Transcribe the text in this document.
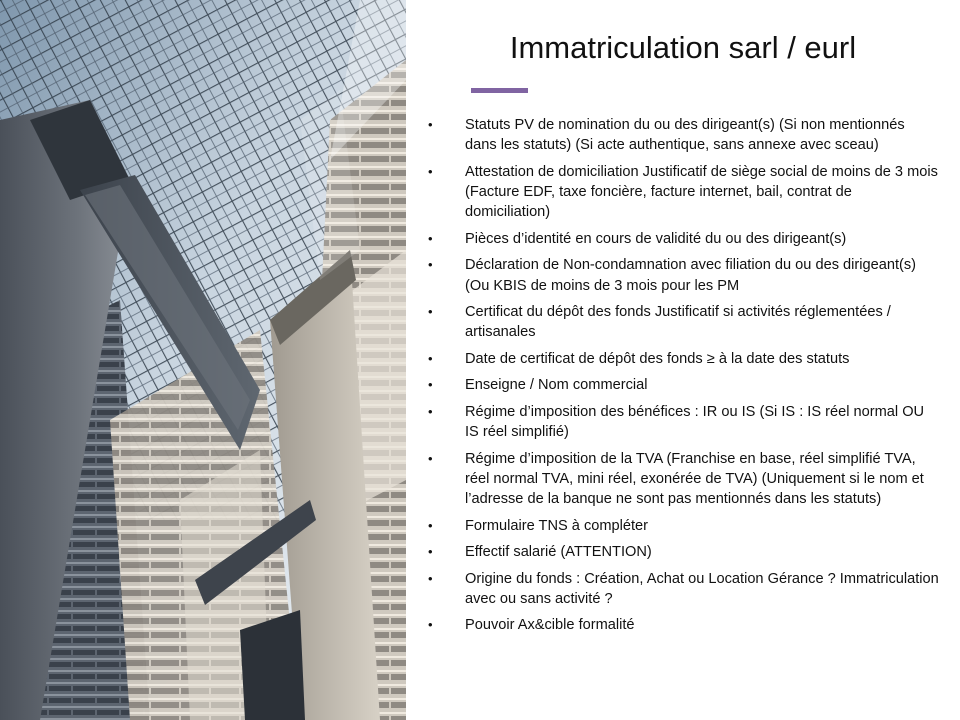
Immatriculation sarl / eurl
• Statuts PV de nomination du ou des dirigeant(s) (Si non mentionnés dans les statuts) (Si acte authentique, sans annexe avec sceau)
• Attestation de domiciliation Justificatif de siège social de moins de 3 mois (Facture EDF, taxe foncière, facture internet, bail, contrat de domiciliation)
• Pièces d’identité en cours de validité du ou des dirigeant(s)
• Déclaration de Non-condamnation avec filiation du ou des dirigeant(s) (Ou KBIS de moins de 3 mois pour les PM
• Certificat du dépôt des fonds Justificatif si activités réglementées / artisanales
• Date de certificat de dépôt des fonds ≥ à la date des statuts
• Enseigne / Nom commercial
• Régime d’imposition des bénéfices : IR ou IS (Si IS : IS réel normal OU IS réel simplifié)
• Régime d’imposition de la TVA (Franchise en base, réel simplifié TVA, réel normal TVA, mini réel, exonérée de TVA) (Uniquement si le nom et l’adresse de la banque ne sont pas mentionnés dans les statuts)
• Formulaire TNS à compléter
• Effectif salarié (ATTENTION)
• Origine du fonds : Création, Achat ou Location Gérance ? Immatriculation avec ou sans activité ?
• Pouvoir Ax&cible formalité
